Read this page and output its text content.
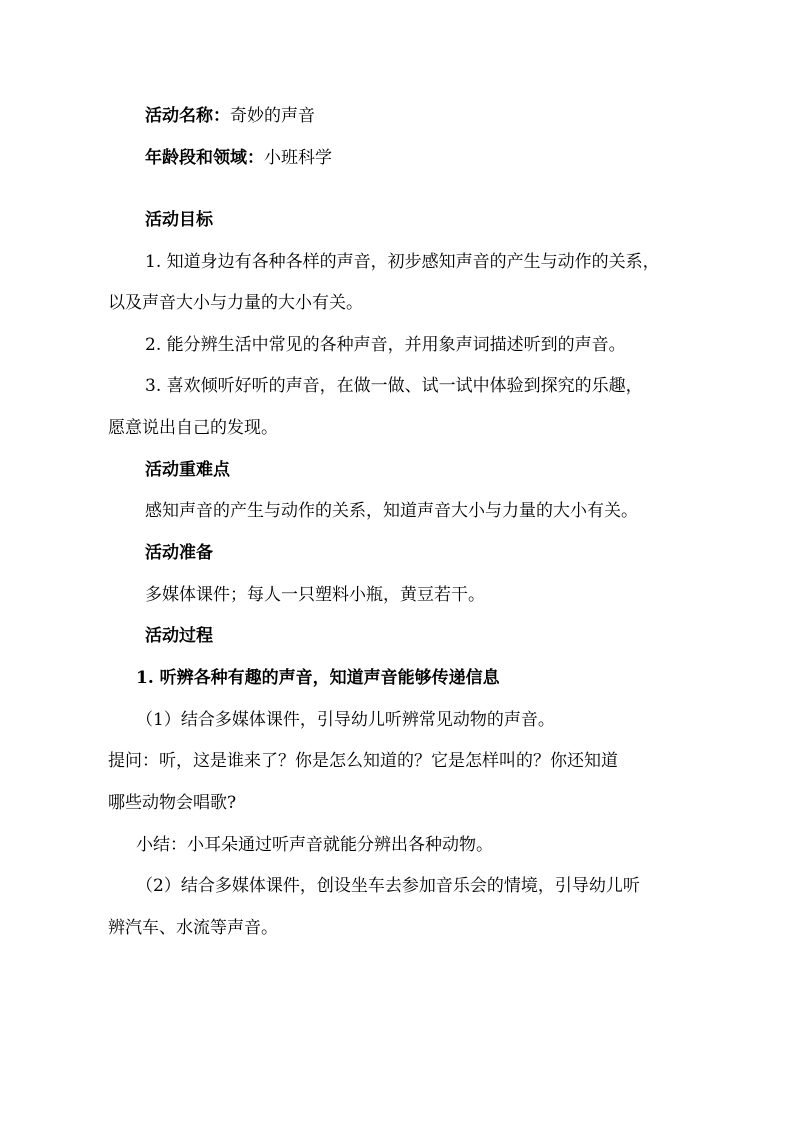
活动名称：奇妙的声音
年龄段和领域：小班科学
活动目标
1. 知道身边有各种各样的声音，初步感知声音的产生与动作的关系，
以及声音大小与力量的大小有关。
2. 能分辨生活中常见的各种声音，并用象声词描述听到的声音。
3. 喜欢倾听好听的声音，在做一做、试一试中体验到探究的乐趣，
愿意说出自己的发现。
活动重难点
感知声音的产生与动作的关系，知道声音大小与力量的大小有关。
活动准备
多媒体课件；每人一只塑料小瓶，黄豆若干。
活动过程
1. 听辨各种有趣的声音，知道声音能够传递信息
（1）结合多媒体课件，引导幼儿听辨常见动物的声音。
提问：听，这是谁来了？你是怎么知道的？它是怎样叫的？你还知道
哪些动物会唱歌?
小结：小耳朵通过听声音就能分辨出各种动物。
（2）结合多媒体课件，创设坐车去参加音乐会的情境，引导幼儿听
辨汽车、水流等声音。
